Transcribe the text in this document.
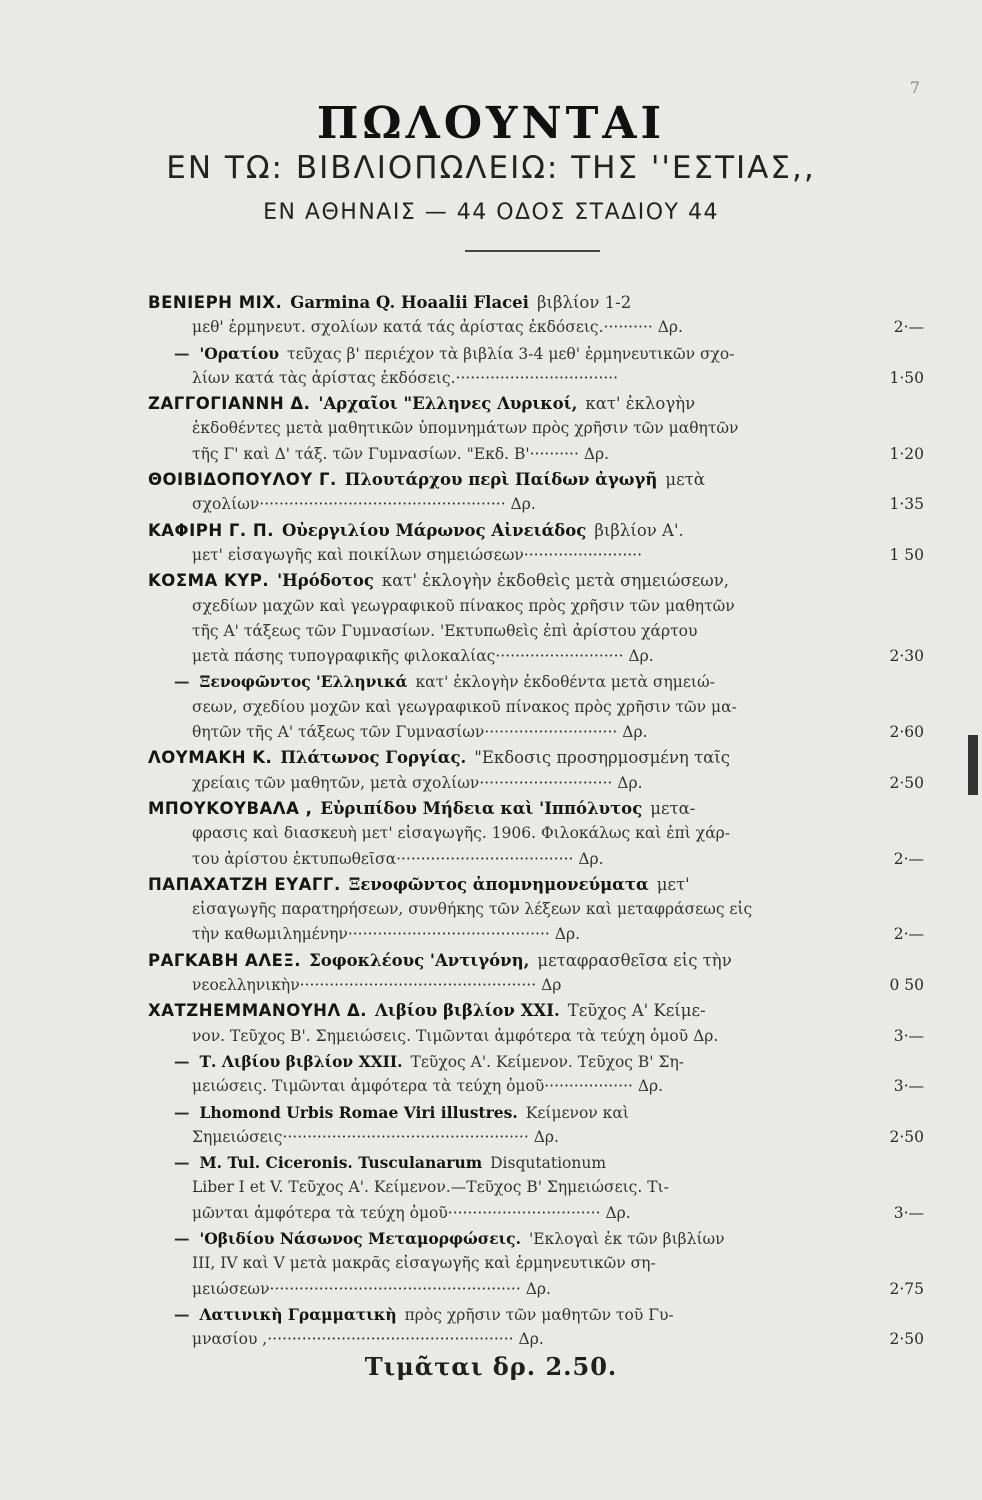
7
ΠΩΛΟΥΝΤΑΙ
ΕΝ ΤΩ: ΒΙΒΛΙΟΠΩΛΕΙΩ: ΤΗΣ ''ΕΣΤΙΑΣ,,
ΕΝ ΑΘΗΝΑΙΣ — 44 ΟΔΟΣ ΣΤΑΔΙΟΥ 44
ΒΕΝΙΕΡΗ ΜΙΧ. Garmina Q. Hoaalii Flacei βιβλίον 1-2
μεθ' ἑρμηνευτ. σχολίων κατά τάς ἀρίστας ἐκδόσεις.·········· Δρ.	2·—
— 'Ορατίου τεῦχας β' περιέχον τὰ βιβλία 3-4 μεθ' ἑρμηνευτικῶν σχο-
λίων κατά τὰς ἀρίστας ἐκδόσεις.·································	1·50
ΖΑΓΓΟΓΙΑΝΝΗ Δ. 'Αρχαῖοι "Ελληνες Λυρικοί, κατ' ἐκλογὴν
ἐκδοθέντες μετὰ μαθητικῶν ὑπομνημάτων πρὸς χρῆσιν τῶν μαθητῶν
τῆς Γ' καὶ Δ' τάξ. τῶν Γυμνασίων. "Εκδ. Β'·········· Δρ.	1·20
ΘΟΙΒΙΔΟΠΟΥΛΟΥ Γ. Πλουτάρχου περὶ Παίδων ἀγωγῆ μετὰ
σχολίων·················································· Δρ.	1·35
ΚΑΦΙΡΗ Γ. Π. Οὐεργιλίου Μάρωνος Αἰνειάδος βιβλίον Α'.
μετ' εἰσαγωγῆς καὶ ποικίλων σημειώσεων························	1 50
ΚΟΣΜΑ ΚΥΡ. 'Ηρόδοτος κατ' ἐκλογὴν ἐκδοθεὶς μετὰ σημειώσεων,
σχεδίων μαχῶν καὶ γεωγραφικοῦ πίνακος πρὸς χρῆσιν τῶν μαθητῶν
τῆς Α' τάξεως τῶν Γυμνασίων. 'Εκτυπωθεὶς ἐπὶ ἀρίστου χάρτου
μετὰ πάσης τυπογραφικῆς φιλοκαλίας·························· Δρ.	2·30
— Ξενοφῶντος 'Ελληνικά κατ' ἐκλογὴν ἐκδοθέντα μετὰ σημειώ-
σεων, σχεδίου μοχῶν καὶ γεωγραφικοῦ πίνακος πρὸς χρῆσιν τῶν μα-
θητῶν τῆς Α' τάξεως τῶν Γυμνασίων··························· Δρ.	2·60
ΛΟΥΜΑΚΗ Κ. Πλάτωνος Γοργίας. "Εκδοσις προσηρμοσμένη ταῖς
χρείαις τῶν μαθητῶν, μετὰ σχολίων··························· Δρ.	2·50
ΜΠΟΥΚΟΥΒΑΛΑ , Εὐριπίδου Μήδεια καὶ 'Ιππόλυτος μετα-
φρασις καὶ διασκευὴ μετ' εἰσαγωγῆς. 1906. Φιλοκάλως καὶ ἐπὶ χάρ-
του ἀρίστου ἐκτυπωθεῖσα···································· Δρ.	2·—
ΠΑΠΑΧΑΤΖΗ ΕΥΑΓΓ. Ξενοφῶντος ἀπομνημονεύματα μετ'
εἰσαγωγῆς παρατηρήσεων, συνθήκης τῶν λέξεων καὶ μεταφράσεως εἰς
τὴν καθωμιλημένην········································· Δρ.	2·—
ΡΑΓΚΑΒΗ ΑΛΕΞ. Σοφοκλέους 'Αντιγόνη, μεταφρασθεῖσα εἰς τὴν
νεοελληνικὴν················································ Δρ	0 50
ΧΑΤΖΗΕΜΜΑΝΟΥΗΛ Δ. Λιβίου βιβλίον XXI. Τεῦχος Α' Κείμε-
νον. Τεῦχος Β'. Σημειώσεις. Τιμῶνται ἀμφότερα τὰ τεύχη ὁμοῦ Δρ.	3·—
— Τ. Λιβίου βιβλίον XXII. Τεῦχος Α'. Κείμενον. Τεῦχος Β' Ση-
μειώσεις. Τιμῶνται ἀμφότερα τὰ τεύχη ὁμοῦ·················· Δρ.	3·—
— Lhomond Urbis Romae Viri illustres. Κείμενον καὶ
Σημειώσεις·················································· Δρ.	2·50
— M. Tul. Ciceronis. Tusculanarum Disqutationum
Liber I et V. Τεῦχος Α'. Κείμενον.—Τεῦχος Β' Σημειώσεις. Τι-
μῶνται ἀμφότερα τὰ τεύχη ὁμοῦ······························· Δρ.	3·—
— 'Οβιδίου Νάσωνος Μεταμορφώσεις. 'Εκλογαὶ ἐκ τῶν βιβλίων
III, IV καὶ V μετὰ μακρᾶς εἰσαγωγῆς καὶ ἑρμηνευτικῶν ση-
μειώσεων··················································· Δρ.	2·75
— Λατινικὴ Γραμματικὴ πρὸς χρῆσιν τῶν μαθητῶν τοῦ Γυ-
μνασίου ,·················································· Δρ.	2·50
Τιμᾶται δρ. 2.50.
